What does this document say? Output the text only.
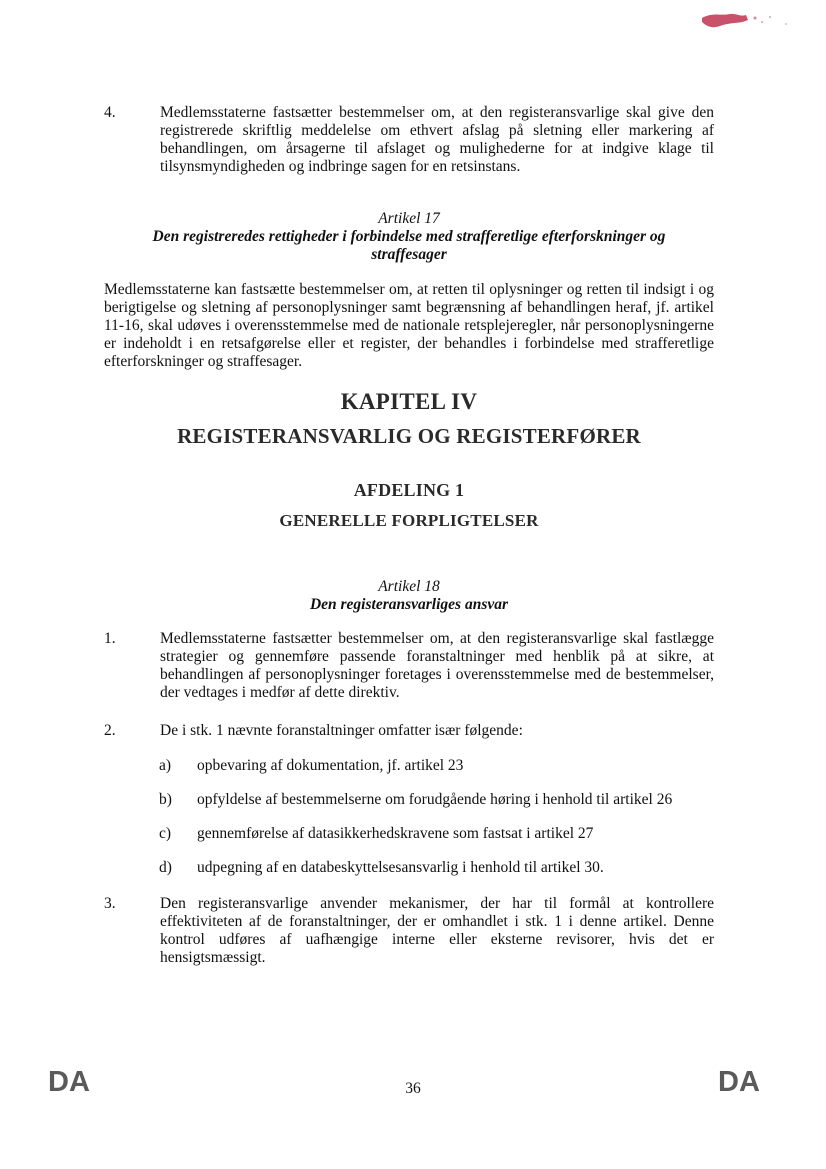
4.	Medlemsstaterne fastsætter bestemmelser om, at den registeransvarlige skal give den registrerede skriftlig meddelelse om ethvert afslag på sletning eller markering af behandlingen, om årsagerne til afslaget og mulighederne for at indgive klage til tilsynsmyndigheden og indbringe sagen for en retsinstans.
Artikel 17
Den registreredes rettigheder i forbindelse med strafferetlige efterforskninger og straffesager
Medlemsstaterne kan fastsætte bestemmelser om, at retten til oplysninger og retten til indsigt i og berigtigelse og sletning af personoplysninger samt begrænsning af behandlingen heraf, jf. artikel 11-16, skal udøves i overensstemmelse med de nationale retsplejeregler, når personoplysningerne er indeholdt i en retsafgørelse eller et register, der behandles i forbindelse med strafferetlige efterforskninger og straffesager.
KAPITEL IV
REGISTERANSVARLIG OG REGISTERFØRER
AFDELING 1
GENERELLE FORPLIGTELSER
Artikel 18
Den registeransvarliges ansvar
1.	Medlemsstaterne fastsætter bestemmelser om, at den registeransvarlige skal fastlægge strategier og gennemføre passende foranstaltninger med henblik på at sikre, at behandlingen af personoplysninger foretages i overensstemmelse med de bestemmelser, der vedtages i medfør af dette direktiv.
2.	De i stk. 1 nævnte foranstaltninger omfatter især følgende:
a) opbevaring af dokumentation, jf. artikel 23
b) opfyldelse af bestemmelserne om forudgående høring i henhold til artikel 26
c) gennemførelse af datasikkerhedskravene som fastsat i artikel 27
d) udpegning af en databeskyttelsesansvarlig i henhold til artikel 30.
3.	Den registeransvarlige anvender mekanismer, der har til formål at kontrollere effektiviteten af de foranstaltninger, der er omhandlet i stk. 1 i denne artikel. Denne kontrol udføres af uafhængige interne eller eksterne revisorer, hvis det er hensigtsmæssigt.
DA	36	DA
